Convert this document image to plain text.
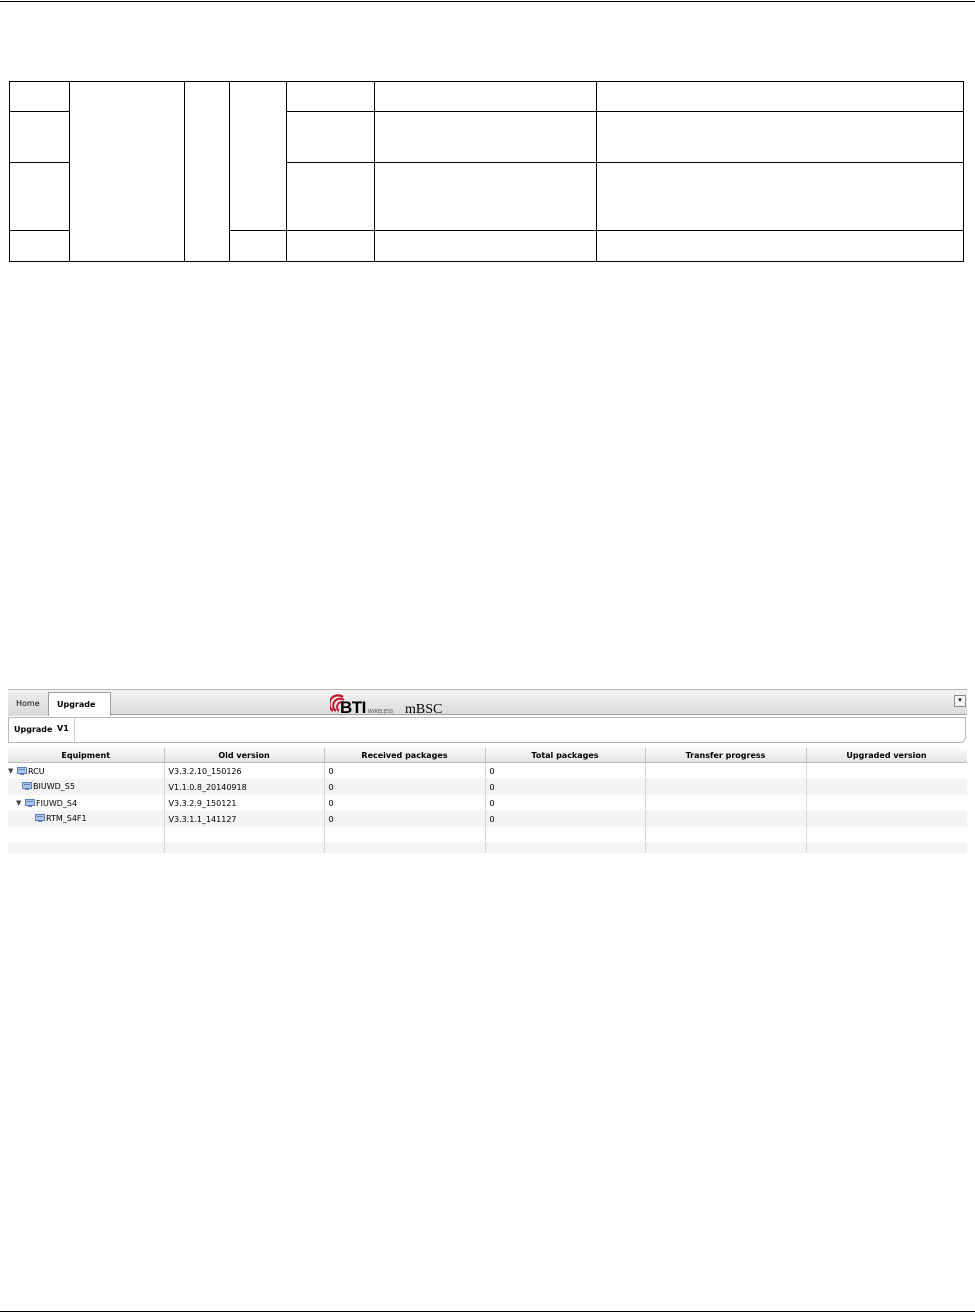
Home	Upgrade V1
BTI WIRELESS mBSC
▾
Upgrade
Equipment	Old version	Received packages	Total packages	Transfer progress	Upgraded version

▼ RCU	V3.3.2.10_150126	0	0		

BIUWD_S5	V1.1.0.8_20140918	0	0		

▼ FIUWD_S4	V3.3.2.9_150121	0	0		

RTM_S4F1	V3.3.1.1_141127	0	0		
